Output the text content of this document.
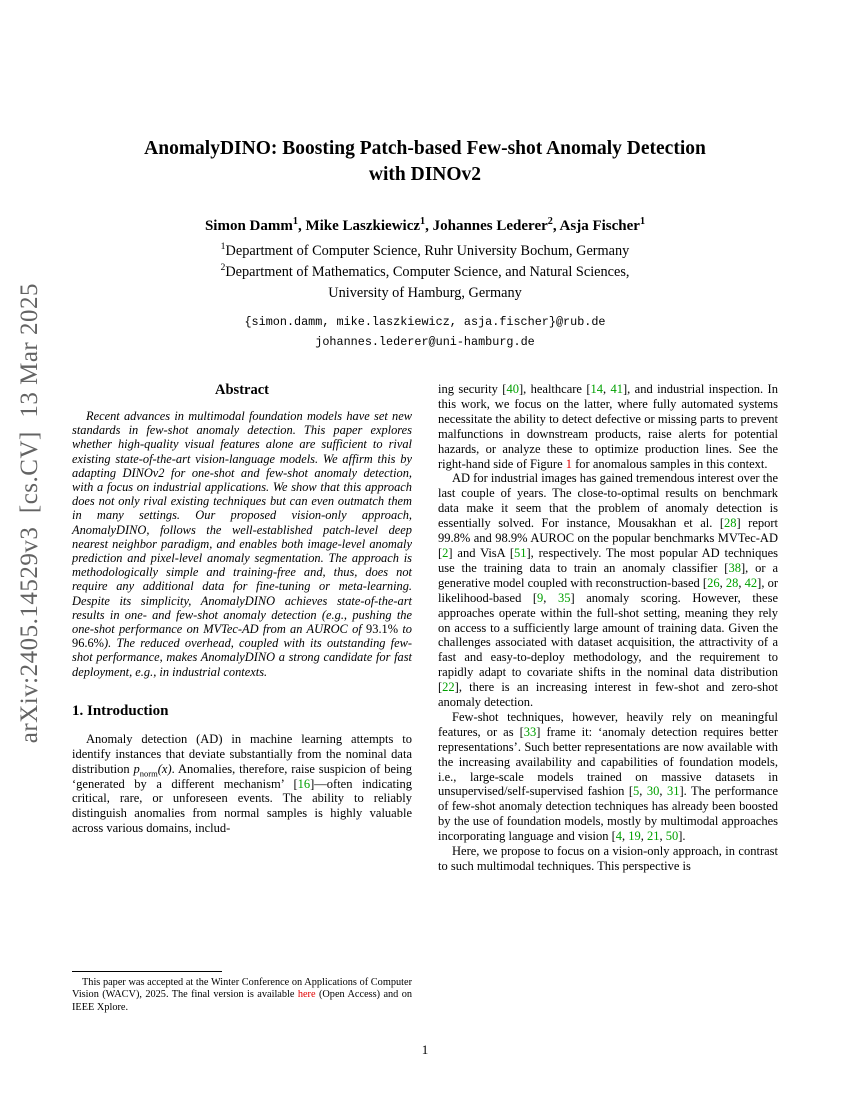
arXiv:2405.14529v3  [cs.CV]  13 Mar 2025
AnomalyDINO: Boosting Patch-based Few-shot Anomaly Detection
with DINOv2
Simon Damm$^1$, Mike Laszkiewicz$^1$, Johannes Lederer$^2$, Asja Fischer$^1$
$^1$Department of Computer Science, Ruhr University Bochum, Germany
$^2$Department of Mathematics, Computer Science, and Natural Sciences,
University of Hamburg, Germany
{simon.damm, mike.laszkiewicz, asja.fischer}@rub.de
johannes.lederer@uni-hamburg.de
Abstract
Recent advances in multimodal foundation models have set new standards in few-shot anomaly detection. This paper explores whether high-quality visual features alone are sufficient to rival existing state-of-the-art vision-language models. We affirm this by adapting DINOv2 for one-shot and few-shot anomaly detection, with a focus on industrial applications. We show that this approach does not only rival existing techniques but can even outmatch them in many settings. Our proposed vision-only approach, AnomalyDINO, follows the well-established patch-level deep nearest neighbor paradigm, and enables both image-level anomaly prediction and pixel-level anomaly segmentation. The approach is methodologically simple and training-free and, thus, does not require any additional data for fine-tuning or meta-learning. Despite its simplicity, AnomalyDINO achieves state-of-the-art results in one- and few-shot anomaly detection (e.g., pushing the one-shot performance on MVTec-AD from an AUROC of 93.1% to 96.6%). The reduced overhead, coupled with its outstanding few-shot performance, makes AnomalyDINO a strong candidate for fast deployment, e.g., in industrial contexts.
1. Introduction
Anomaly detection (AD) in machine learning attempts to identify instances that deviate substantially from the nominal data distribution $p_{norm}(x)$. Anomalies, therefore, raise suspicion of being ‘generated by a different mechanism’ [16]—often indicating critical, rare, or unforeseen events. The ability to reliably distinguish anomalies from normal samples is highly valuable across various domains, includ-
This paper was accepted at the Winter Conference on Applications of Computer Vision (WACV), 2025. The final version is available here (Open Access) and on IEEE Xplore.
ing security [40], healthcare [14, 41], and industrial inspection. In this work, we focus on the latter, where fully automated systems necessitate the ability to detect defective or missing parts to prevent malfunctions in downstream products, raise alerts for potential hazards, or analyze these to optimize production lines. See the right-hand side of Figure 1 for anomalous samples in this context.
AD for industrial images has gained tremendous interest over the last couple of years. The close-to-optimal results on benchmark data make it seem that the problem of anomaly detection is essentially solved. For instance, Mousakhan et al. [28] report 99.8% and 98.9% AUROC on the popular benchmarks MVTec-AD [2] and VisA [51], respectively. The most popular AD techniques use the training data to train an anomaly classifier [38], or a generative model coupled with reconstruction-based [26, 28, 42], or likelihood-based [9, 35] anomaly scoring. However, these approaches operate within the full-shot setting, meaning they rely on access to a sufficiently large amount of training data. Given the challenges associated with dataset acquisition, the attractivity of a fast and easy-to-deploy methodology, and the requirement to rapidly adapt to covariate shifts in the nominal data distribution [22], there is an increasing interest in few-shot and zero-shot anomaly detection.
Few-shot techniques, however, heavily rely on meaningful features, or as [33] frame it: ‘anomaly detection requires better representations’. Such better representations are now available with the increasing availability and capabilities of foundation models, i.e., large-scale models trained on massive datasets in unsupervised/self-supervised fashion [5, 30, 31]. The performance of few-shot anomaly detection techniques has already been boosted by the use of foundation models, mostly by multimodal approaches incorporating language and vision [4, 19, 21, 50].
Here, we propose to focus on a vision-only approach, in contrast to such multimodal techniques. This perspective is
1
